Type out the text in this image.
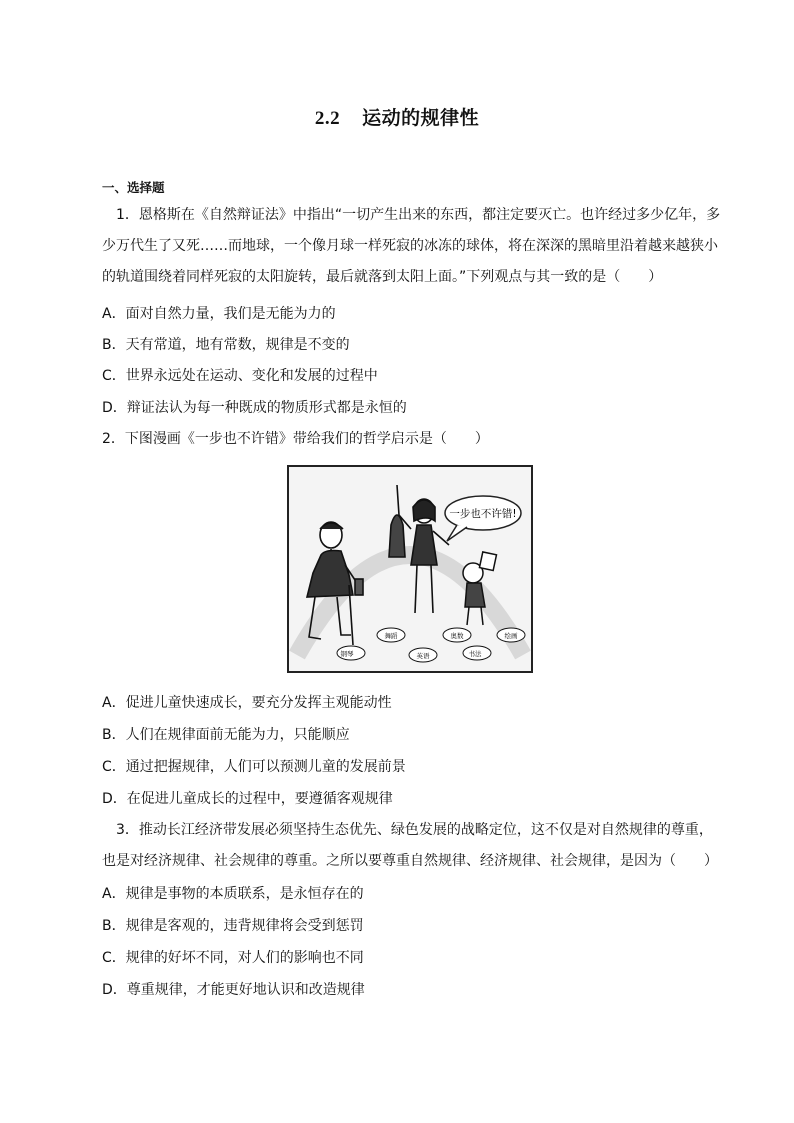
2.2 运动的规律性
一、选择题

1．恩格斯在《自然辩证法》中指出“一切产生出来的东西，都注定要灭亡。也许经过多少亿年，多少万代生了又死……而地球，一个像月球一样死寂的冰冻的球体，将在深深的黑暗里沿着越来越狭小的轨道围绕着同样死寂的太阳旋转，最后就落到太阳上面。”下列观点与其一致的是（　　）

A．面对自然力量，我们是无能为力的
B．天有常道，地有常数，规律是不变的
C．世界永远处在运动、变化和发展的过程中
D．辩证法认为每一种既成的物质形式都是永恒的
2．下图漫画《一步也不许错》带给我们的哲学启示是（　　）
一步也不许错!
钢琴
舞蹈
英语
奥数
书法
绘画
A．促进儿童快速成长，要充分发挥主观能动性
B．人们在规律面前无能为力，只能顺应
C．通过把握规律，人们可以预测儿童的发展前景
D．在促进儿童成长的过程中，要遵循客观规律

3．推动长江经济带发展必须坚持生态优先、绿色发展的战略定位，这不仅是对自然规律的尊重，也是对经济规律、社会规律的尊重。之所以要尊重自然规律、经济规律、社会规律，是因为（　　）

A．规律是事物的本质联系，是永恒存在的
B．规律是客观的，违背规律将会受到惩罚
C．规律的好坏不同，对人们的影响也不同
D．尊重规律，才能更好地认识和改造规律
